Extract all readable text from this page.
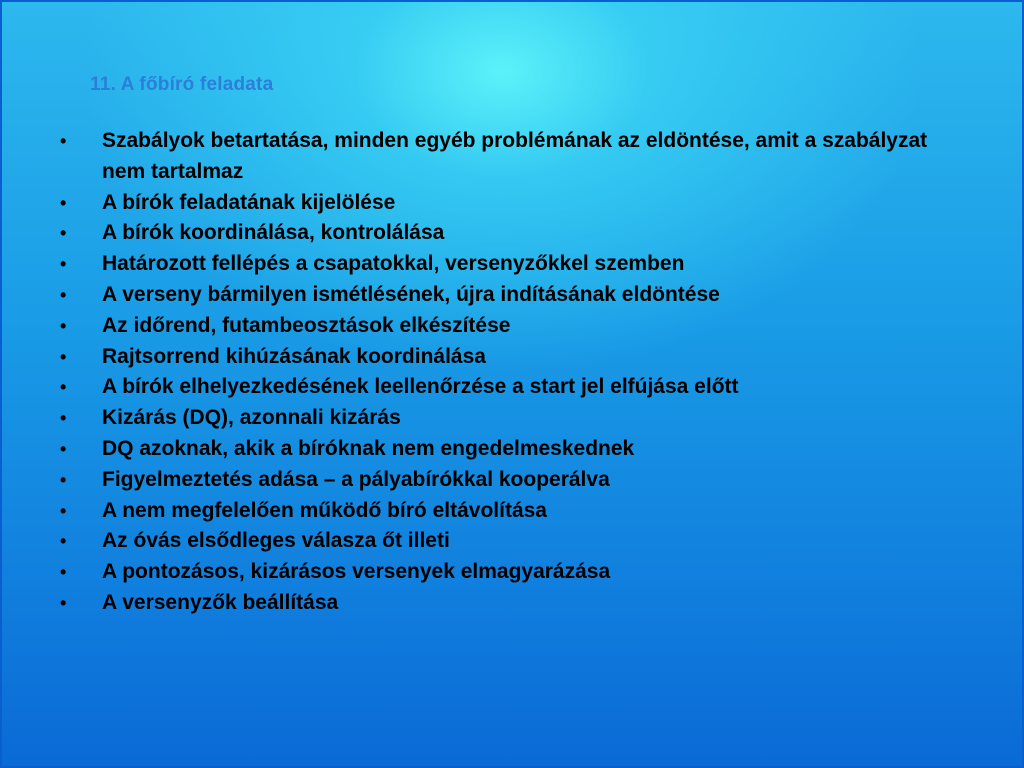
11. A főbíró feladata
•	Szabályok betartatása, minden egyéb problémának az eldöntése, amit a szabályzat nem tartalmaz
•	A bírók feladatának kijelölése
•	A bírók koordinálása, kontrolálása
•	Határozott fellépés a csapatokkal, versenyzőkkel szemben
•	A verseny bármilyen ismétlésének, újra indításának eldöntése
•	Az időrend, futambeosztások elkészítése
•	Rajtsorrend kihúzásának koordinálása
•	A bírók elhelyezkedésének leellenőrzése a start jel elfújása előtt
•	Kizárás (DQ), azonnali kizárás
•	DQ azoknak, akik a bíróknak nem engedelmeskednek
•	Figyelmeztetés adása – a pályabírókkal kooperálva
•	A nem megfelelően működő bíró eltávolítása
•	Az óvás elsődleges válasza őt illeti
•	A pontozásos, kizárásos versenyek elmagyarázása
•	A versenyzők beállítása
